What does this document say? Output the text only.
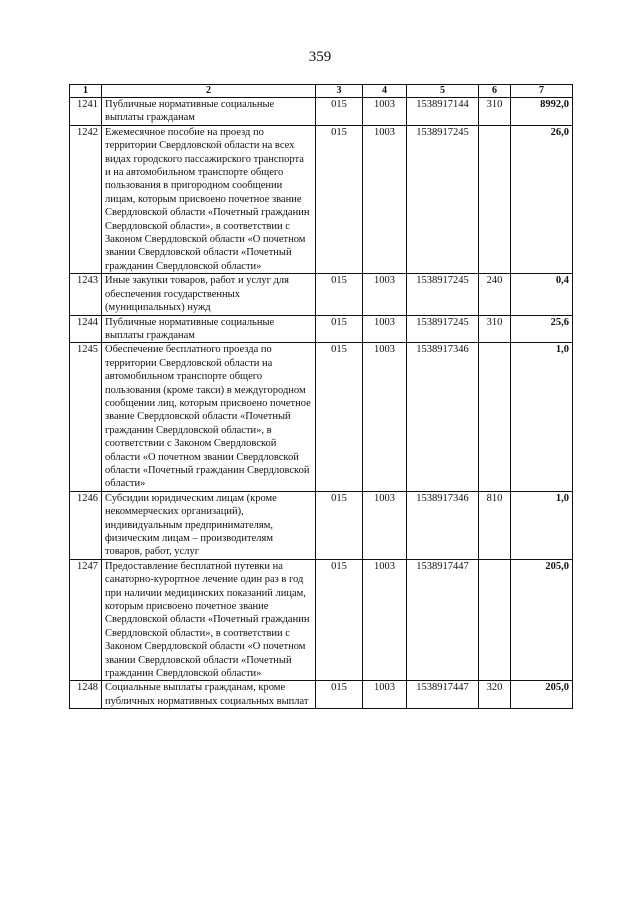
359
1	2	3	4	5	6	7
1241	Публичные нормативные социальные выплаты гражданам	015	1003	1538917144	310	8992,0
1242	Ежемесячное пособие на проезд по территории Свердловской области на всех видах городского пассажирского транспорта и на автомобильном транспорте общего пользования в пригородном сообщении лицам, которым присвоено почетное звание Свердловской области «Почетный гражданин Свердловской области», в соответствии с Законом Свердловской области «О почетном звании Свердловской области «Почетный гражданин Свердловской области»	015	1003	1538917245		26,0
1243	Иные закупки товаров, работ и услуг для обеспечения государственных (муниципальных) нужд	015	1003	1538917245	240	0,4
1244	Публичные нормативные социальные выплаты гражданам	015	1003	1538917245	310	25,6
1245	Обеспечение бесплатного проезда по территории Свердловской области на автомобильном транспорте общего пользования (кроме такси) в междугородном сообщении лиц, которым присвоено почетное звание Свердловской области «Почетный гражданин Свердловской области», в соответствии с Законом Свердловской области «О почетном звании Свердловской области «Почетный гражданин Свердловской области»	015	1003	1538917346		1,0
1246	Субсидии юридическим лицам (кроме некоммерческих организаций), индивидуальным предпринимателям, физическим лицам – производителям товаров, работ, услуг	015	1003	1538917346	810	1,0
1247	Предоставление бесплатной путевки на санаторно-курортное лечение один раз в год при наличии медицинских показаний лицам, которым присвоено почетное звание Свердловской области «Почетный гражданин Свердловской области», в соответствии с Законом Свердловской области «О почетном звании Свердловской области «Почетный гражданин Свердловской области»	015	1003	1538917447		205,0
1248	Социальные выплаты гражданам, кроме публичных нормативных социальных выплат	015	1003	1538917447	320	205,0
